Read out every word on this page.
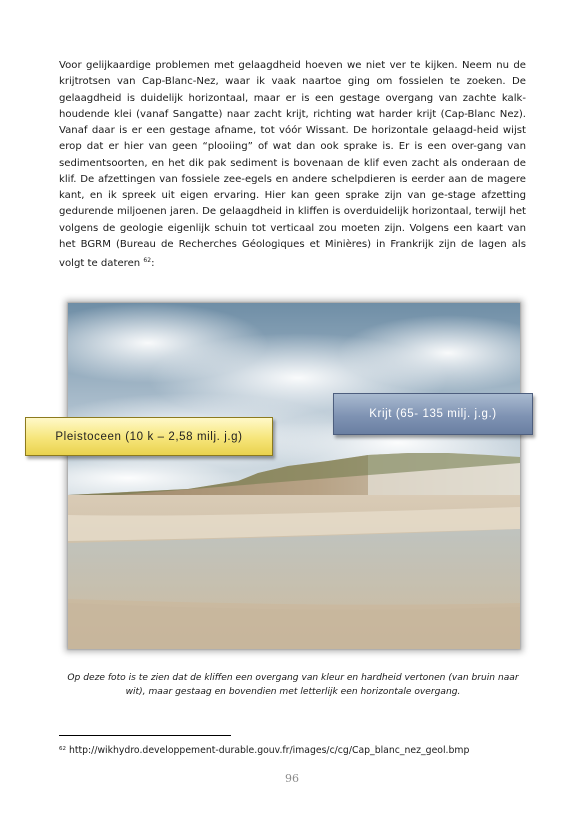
Voor gelijkaardige problemen met gelaagdheid hoeven we niet ver te kijken. Neem nu de krijtrotsen van Cap-Blanc-Nez, waar ik vaak naartoe ging om fossielen te zoeken. De gelaagdheid is duidelijk horizontaal, maar er is een gestage overgang van zachte kalk-houdende klei (vanaf Sangatte) naar zacht krijt, richting wat harder krijt (Cap-Blanc Nez). Vanaf daar is er een gestage afname, tot vóór Wissant. De horizontale gelaagd-heid wijst erop dat er hier van geen “plooiing” of wat dan ook sprake is. Er is een over-gang van sedimentsoorten, en het dik pak sediment is bovenaan de klif even zacht als onderaan de klif. De afzettingen van fossiele zee-egels en andere schelpdieren is eerder aan de magere kant, en ik spreek uit eigen ervaring. Hier kan geen sprake zijn van ge-stage afzetting gedurende miljoenen jaren. De gelaagdheid in kliffen is overduidelijk horizontaal, terwijl het volgens de geologie eigenlijk schuin tot verticaal zou moeten zijn. Volgens een kaart van het BGRM (Bureau de Recherches Géologiques et Minières) in Frankrijk zijn de lagen als volgt te dateren $^{62}$:

Krijt (65- 135 milj. j.g.)
Pleistoceen (10 k – 2,58 milj. j.g)

Op deze foto is te zien dat de kliffen een overgang van kleur en hardheid vertonen (van bruin naar wit), maar gestaag en bovendien met letterlijk een horizontale overgang.

$^{62}$ http://wikhydro.developpement-durable.gouv.fr/images/c/cg/Cap_blanc_nez_geol.bmp

96
